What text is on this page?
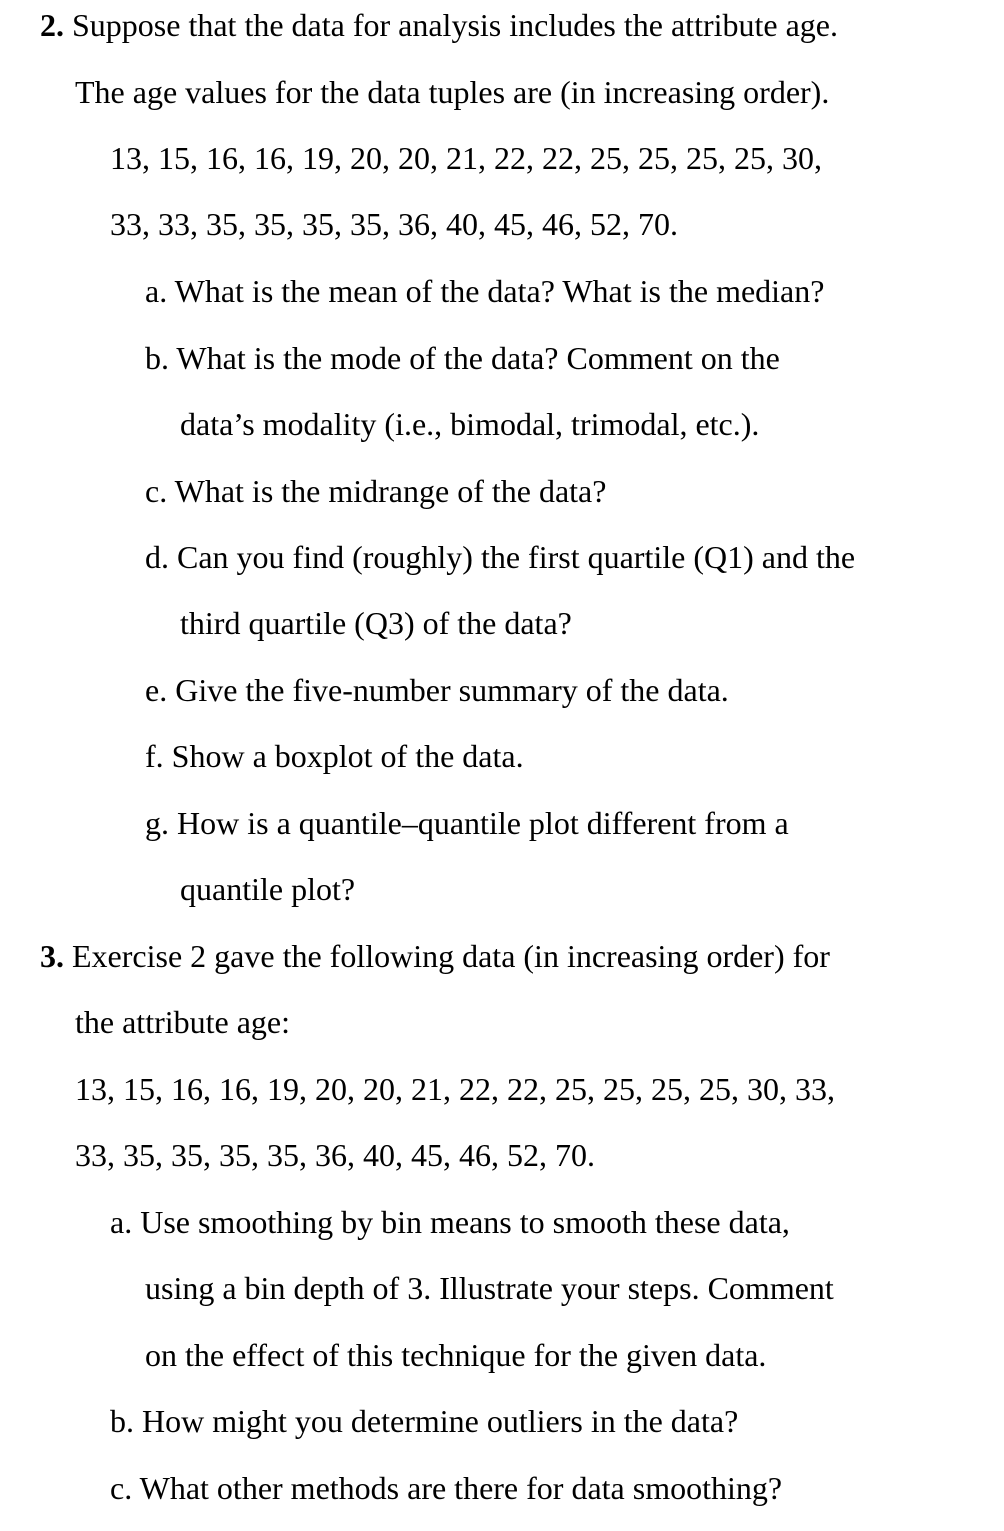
2. Suppose that the data for analysis includes the attribute age.
The age values for the data tuples are (in increasing order).
13, 15, 16, 16, 19, 20, 20, 21, 22, 22, 25, 25, 25, 25, 30,
33, 33, 35, 35, 35, 35, 36, 40, 45, 46, 52, 70.
a. What is the mean of the data? What is the median?
b. What is the mode of the data? Comment on the
data’s modality (i.e., bimodal, trimodal, etc.).
c. What is the midrange of the data?
d. Can you find (roughly) the first quartile (Q1) and the
third quartile (Q3) of the data?
e. Give the five-number summary of the data.
f. Show a boxplot of the data.
g. How is a quantile–quantile plot different from a
quantile plot?
3. Exercise 2 gave the following data (in increasing order) for
the attribute age:
13, 15, 16, 16, 19, 20, 20, 21, 22, 22, 25, 25, 25, 25, 30, 33,
33, 35, 35, 35, 35, 36, 40, 45, 46, 52, 70.
a. Use smoothing by bin means to smooth these data,
using a bin depth of 3. Illustrate your steps. Comment
on the effect of this technique for the given data.
b. How might you determine outliers in the data?
c. What other methods are there for data smoothing?
